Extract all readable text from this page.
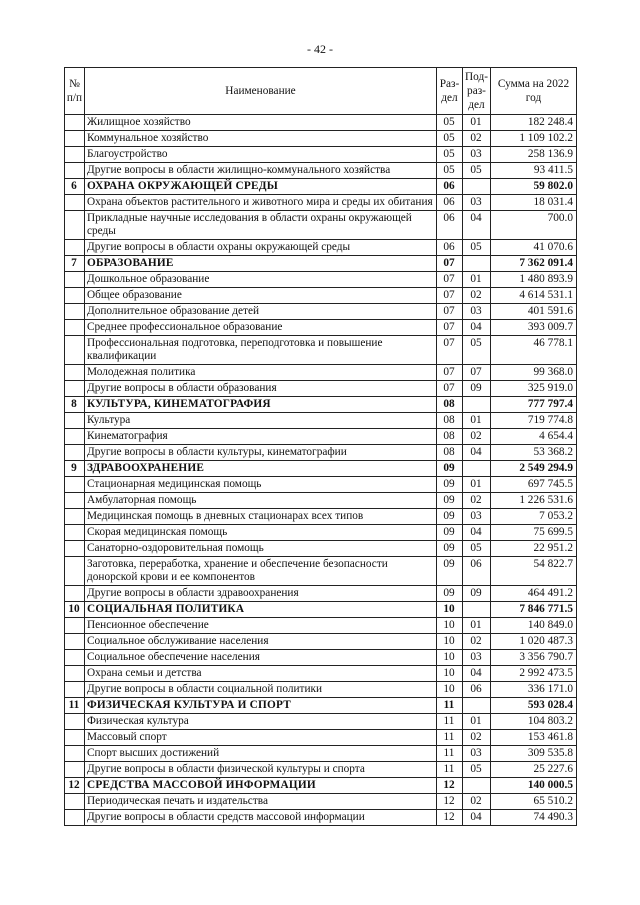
- 42 -
№ п/п	Наименование	Раз-дел	Под-раз-дел	Сумма на 2022 год
	Жилищное хозяйство	05	01	182 248.4
	Коммунальное хозяйство	05	02	1 109 102.2
	Благоустройство	05	03	258 136.9
	Другие вопросы в области жилищно-коммунального хозяйства	05	05	93 411.5
6	ОХРАНА ОКРУЖАЮЩЕЙ СРЕДЫ	06		59 802.0
	Охрана объектов растительного и животного мира и среды их обитания	06	03	18 031.4
	Прикладные научные исследования в области охраны окружающей среды	06	04	700.0
	Другие вопросы в области охраны окружающей среды	06	05	41 070.6
7	ОБРАЗОВАНИЕ	07		7 362 091.4
	Дошкольное образование	07	01	1 480 893.9
	Общее образование	07	02	4 614 531.1
	Дополнительное образование детей	07	03	401 591.6
	Среднее профессиональное образование	07	04	393 009.7
	Профессиональная подготовка, переподготовка и повышение квалификации	07	05	46 778.1
	Молодежная политика	07	07	99 368.0
	Другие вопросы в области образования	07	09	325 919.0
8	КУЛЬТУРА, КИНЕМАТОГРАФИЯ	08		777 797.4
	Культура	08	01	719 774.8
	Кинематография	08	02	4 654.4
	Другие вопросы в области культуры, кинематографии	08	04	53 368.2
9	ЗДРАВООХРАНЕНИЕ	09		2 549 294.9
	Стационарная медицинская помощь	09	01	697 745.5
	Амбулаторная помощь	09	02	1 226 531.6
	Медицинская помощь в дневных стационарах всех типов	09	03	7 053.2
	Скорая медицинская помощь	09	04	75 699.5
	Санаторно-оздоровительная помощь	09	05	22 951.2
	Заготовка, переработка, хранение и обеспечение безопасности донорской крови и ее компонентов	09	06	54 822.7
	Другие вопросы в области здравоохранения	09	09	464 491.2
10	СОЦИАЛЬНАЯ ПОЛИТИКА	10		7 846 771.5
	Пенсионное обеспечение	10	01	140 849.0
	Социальное обслуживание населения	10	02	1 020 487.3
	Социальное обеспечение населения	10	03	3 356 790.7
	Охрана семьи и детства	10	04	2 992 473.5
	Другие вопросы в области социальной политики	10	06	336 171.0
11	ФИЗИЧЕСКАЯ КУЛЬТУРА И СПОРТ	11		593 028.4
	Физическая культура	11	01	104 803.2
	Массовый спорт	11	02	153 461.8
	Спорт высших достижений	11	03	309 535.8
	Другие вопросы в области физической культуры и спорта	11	05	25 227.6
12	СРЕДСТВА МАССОВОЙ ИНФОРМАЦИИ	12		140 000.5
	Периодическая печать и издательства	12	02	65 510.2
	Другие вопросы в области средств массовой информации	12	04	74 490.3
